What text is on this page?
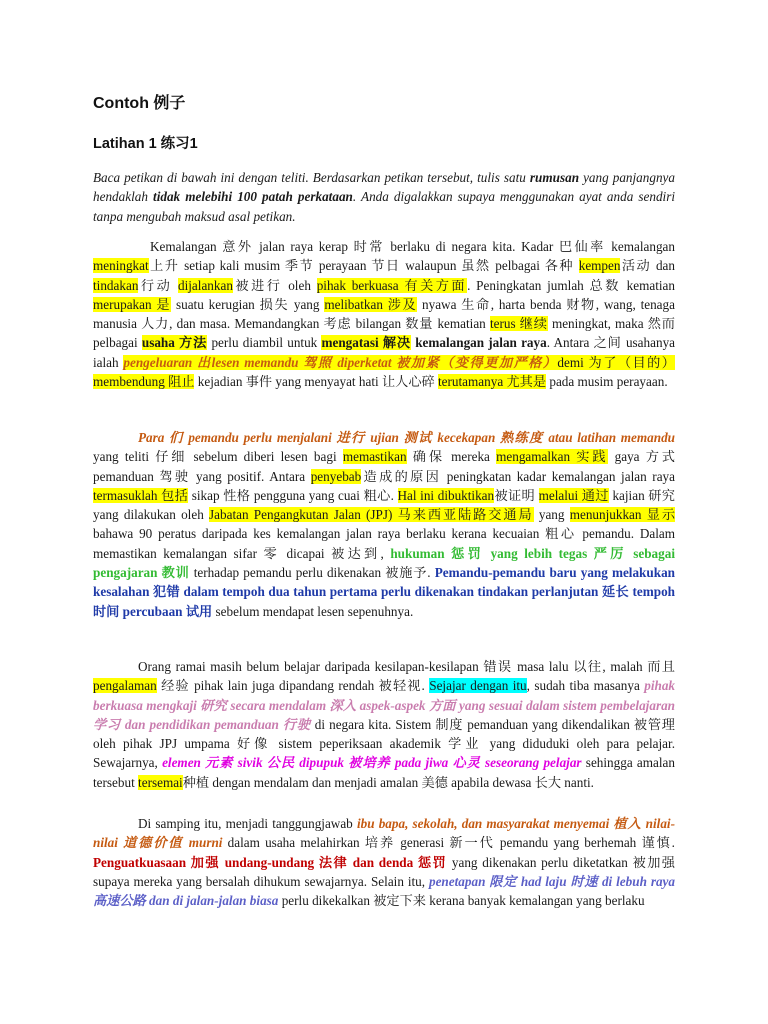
Contoh 例子
Latihan 1 练习1

Baca petikan di bawah ini dengan teliti. Berdasarkan petikan tersebut, tulis satu rumusan yang panjangnya hendaklah tidak melebihi 100 patah perkataan. Anda digalakkan supaya menggunakan ayat anda sendiri tanpa mengubah maksud asal petikan.

Kemalangan 意外 jalan raya kerap 时常 berlaku di negara kita. Kadar 巴仙率 kemalangan meningkat上升 setiap kali musim 季节 perayaan 节日 walaupun 虽然 pelbagai 各种 kempen活动 dan tindakan行动 dijalankan被进行 oleh pihak berkuasa 有关方面. Peningkatan jumlah 总数 kematian merupakan 是 suatu kerugian 损失 yang melibatkan 涉及 nyawa 生命, harta benda 财物, wang, tenaga manusia 人力, dan masa. Memandangkan 考虑 bilangan 数量 kematian terus 继续 meningkat, maka 然而 pelbagai usaha 方法 perlu diambil untuk mengatasi 解决 kemalangan jalan raya. Antara 之间 usahanya ialah pengeluaran 出lesen memandu 驾照 diperketat 被加紧（变得更加严格）demi 为了（目的）membendung 阻止 kejadian 事件 yang menyayat hati 让人心碎 terutamanya 尤其是 pada musim perayaan.

Para 们 pemandu perlu menjalani 进行 ujian 测试 kecekapan 熟练度 atau latihan memandu yang teliti 仔细 sebelum diberi lesen bagi memastikan 确保 mereka mengamalkan 实践 gaya 方式 pemanduan 驾驶 yang positif. Antara penyebab造成的原因 peningkatan kadar kemalangan jalan raya termasuklah 包括 sikap 性格 pengguna yang cuai 粗心. Hal ini dibuktikan被证明 melalui 通过 kajian 研究 yang dilakukan oleh Jabatan Pengangkutan Jalan (JPJ) 马来西亚陆路交通局 yang menunjukkan 显示 bahawa 90 peratus daripada kes kemalangan jalan raya berlaku kerana kecuaian 粗心 pemandu. Dalam memastikan kemalangan sifar 零 dicapai 被达到, hukuman 惩罚 yang lebih tegas 严厉 sebagai pengajaran 教训 terhadap pemandu perlu dikenakan 被施予. Pemandu-pemandu baru yang melakukan kesalahan 犯错 dalam tempoh dua tahun pertama perlu dikenakan tindakan perlanjutan 延长 tempoh 时间 percubaan 试用 sebelum mendapat lesen sepenuhnya.

Orang ramai masih belum belajar daripada kesilapan-kesilapan 错误 masa lalu 以往, malah 而且 pengalaman 经验 pihak lain juga dipandang rendah 被轻视. Sejajar dengan itu, sudah tiba masanya pihak berkuasa mengkaji 研究 secara mendalam 深入 aspek-aspek 方面 yang sesuai dalam sistem pembelajaran 学习 dan pendidikan pemanduan 行驶 di negara kita. Sistem 制度 pemanduan yang dikendalikan 被管理 oleh pihak JPJ umpama 好像 sistem peperiksaan akademik 学业 yang diduduki oleh para pelajar. Sewajarnya, elemen 元素 sivik 公民 dipupuk 被培养 pada jiwa 心灵 seseorang pelajar sehingga amalan tersebut tersemai种植 dengan mendalam dan menjadi amalan 美德 apabila dewasa 长大 nanti.

Di samping itu, menjadi tanggungjawab ibu bapa, sekolah, dan masyarakat menyemai 植入 nilai-nilai 道德价值 murni dalam usaha melahirkan 培养 generasi 新一代 pemandu yang berhemah 谨慎. Penguatkuasaan 加强 undang-undang 法律 dan denda 惩罚 yang dikenakan perlu diketatkan 被加强 supaya mereka yang bersalah dihukum sewajarnya. Selain itu, penetapan 限定 had laju 时速 di lebuh raya 高速公路 dan di jalan-jalan biasa perlu dikekalkan 被定下来 kerana banyak kemalangan yang berlaku
